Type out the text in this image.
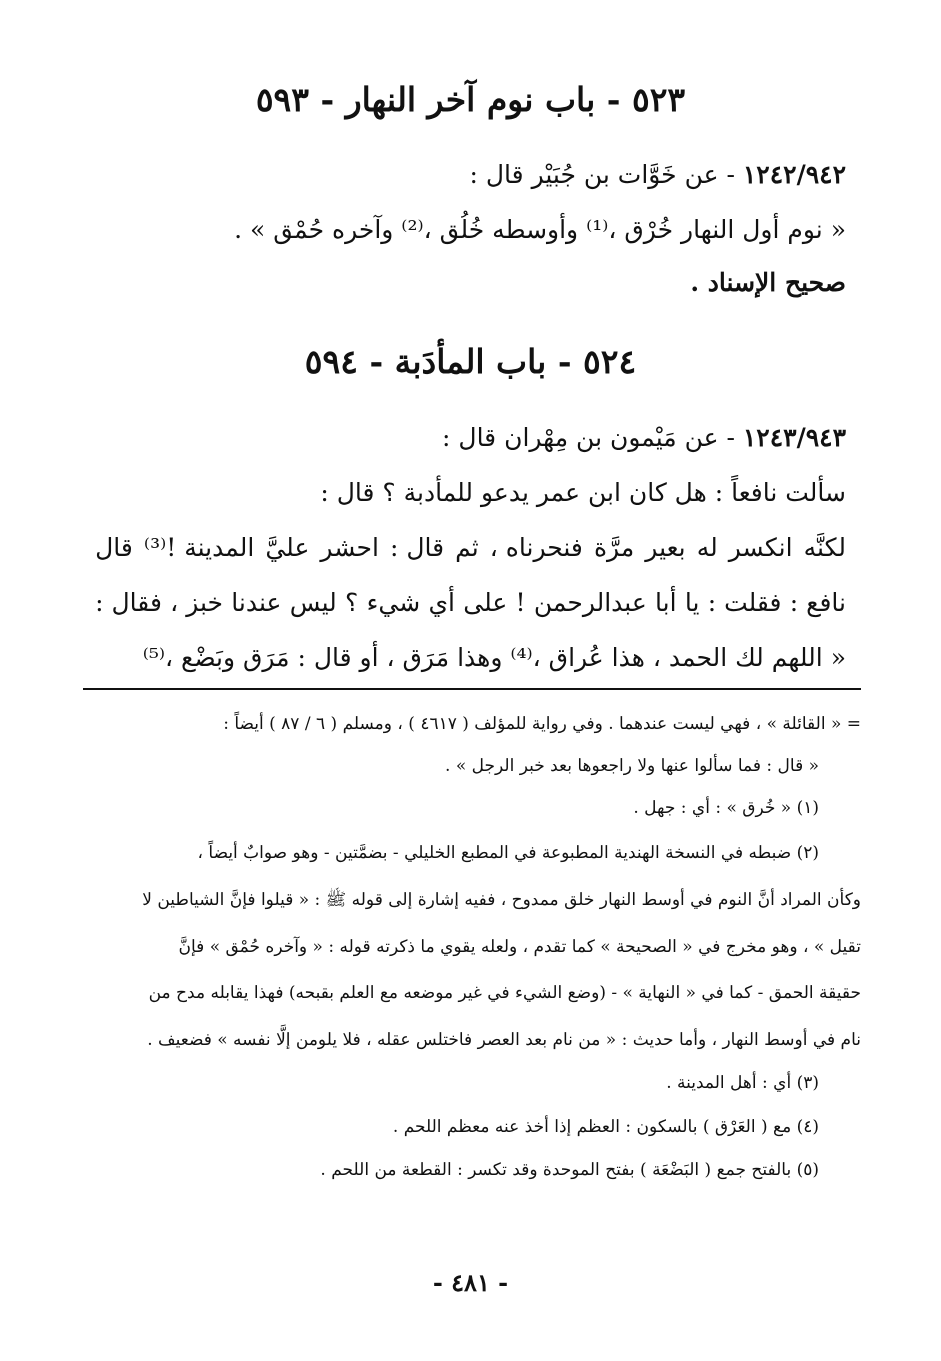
٥٢٣ - باب نوم آخر النهار - ٥٩٣
١٢٤٢/٩٤٢ - عن خَوَّات بن جُبَيْر قال :
« نوم أول النهار خُرْق ،⁽¹⁾ وأوسطه خُلُق ،⁽²⁾ وآخره حُمْق » .
صحيح الإسناد .
٥٢٤ - باب المأدَبة - ٥٩٤
١٢٤٣/٩٤٣ - عن مَيْمون بن مِهْران قال :
سألت نافعاً : هل كان ابن عمر يدعو للمأدبة ؟ قال :
لكنَّه
انكسر
له
بعير
مرَّة
فنحرناه ،
ثم
قال :
احشر
عليَّ
المدينة !⁽³⁾
قال
نافع :
فقلت :
يا
أبا
عبدالرحمن
!
على
أي
شيء
؟
ليس
عندنا
خبز ،
فقال :
« اللهم لك الحمد ، هذا عُراق ،⁽⁴⁾ وهذا مَرَق ، أو قال : مَرَق وبَضْع ،⁽⁵⁾
= « القائلة » ، فهي ليست عندهما . وفي رواية للمؤلف ( ٤٦١٧ ) ، ومسلم ( ٦ / ٨٧ ) أيضاً :
« قال : فما سألوا عنها ولا راجعوها بعد خبر الرجل » .
(١) « خُرق » : أي : جهل .
(٢) ضبطه في النسخة الهندية المطبوعة في المطبع الخليلي - بضمَّتين - وهو صوابٌ أيضاً ،
وكأن المراد أنَّ النوم في أوسط النهار خلق ممدوح ، ففيه إشارة إلى قوله ﷺ : « قيلوا فإنَّ الشياطين لا
تقيل » ، وهو مخرج في « الصحيحة » كما تقدم ، ولعله يقوي ما ذكرته قوله : « وآخره حُمْق » فإنَّ
حقيقة الحمق - كما في « النهاية » - (وضع الشيء في غير موضعه مع العلم بقبحه) فهذا يقابله مدح من
نام في أوسط النهار ، وأما حديث : « من نام بعد العصر فاختلس عقله ، فلا يلومن إلَّا نفسه » فضعيف .
(٣) أي : أهل المدينة .
(٤) مع ( العَرْق ) بالسكون : العظم إذا أخذ عنه معظم اللحم .
(٥) بالفتح جمع ( البَضْعَة ) بفتح الموحدة وقد تكسر : القطعة من اللحم .
- ٤٨١ -
